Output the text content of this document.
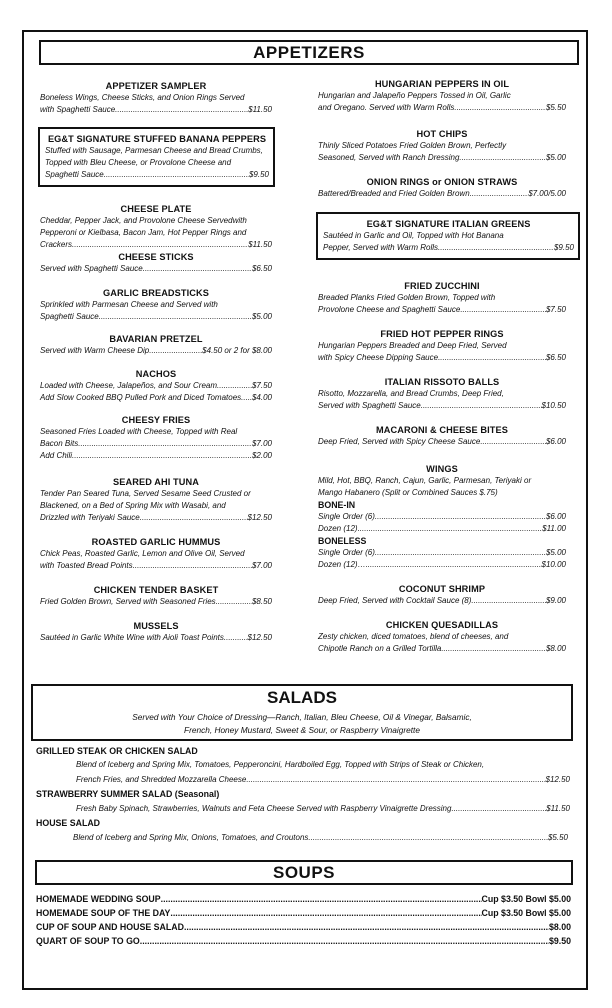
APPETIZERS
APPETIZER SAMPLER
Boneless Wings, Cheese Sticks, and Onion Rings Served
with Spaghetti Sauce .....	$11.50
EG&T SIGNATURE STUFFED BANANA PEPPERS
Stuffed with Sausage, Parmesan Cheese and Bread Crumbs,
Topped with Bleu Cheese, or Provolone Cheese and
Spaghetti Sauce .....	$9.50
CHEESE PLATE
Cheddar, Pepper Jack, and Provolone Cheese Servedwith
Pepperoni or Kielbasa, Bacon Jam, Hot Pepper Rings and
Crackers .....	$11.50
CHEESE STICKS
Served with Spaghetti Sauce .....	$6.50
GARLIC BREADSTICKS
Sprinkled with Parmesan Cheese and Served with
Spaghetti Sauce .....	$5.00
BAVARIAN PRETZEL
Served with Warm Cheese Dip .....	$4.50 or 2 for $8.00
NACHOS
Loaded with Cheese, Jalapeños, and Sour Cream .....	$7.50
Add Slow Cooked BBQ Pulled Pork and Diced Tomatoes ..... $4.00
CHEESY FRIES
Seasoned Fries Loaded with Cheese, Topped with Real
Bacon Bits .....	$7.00
Add Chili .....	$2.00
SEARED AHI TUNA
Tender Pan Seared Tuna, Served Sesame Seed Crusted or
Blackened, on a Bed of Spring Mix with Wasabi, and
Drizzled with Teriyaki Sauce .....	$12.50
ROASTED GARLIC HUMMUS
Chick Peas, Roasted Garlic, Lemon and Olive Oil, Served
with Toasted Bread Points .....	$7.00
CHICKEN TENDER BASKET
Fried Golden Brown, Served with Seasoned Fries .....	$8.50
MUSSELS
Sautéed in Garlic White Wine with Aioli Toast Points .....	$12.50
HUNGARIAN PEPPERS IN OIL
Hungarian and Jalapeño Peppers Tossed in Oil, Garlic
and Oregano. Served with Warm Rolls .....	$5.50
HOT CHIPS
Thinly Sliced Potatoes Fried Golden Brown, Perfectly
Seasoned, Served with Ranch Dressing .....	$5.00
ONION RINGS or ONION STRAWS
Battered/Breaded and Fried Golden Brown .....	$7.00/5.00
EG&T SIGNATURE ITALIAN GREENS
Sautéed in Garlic and Oil, Topped with Hot Banana
Pepper, Served with Warm Rolls .....	$9.50
FRIED ZUCCHINI
Breaded Planks Fried Golden Brown, Topped with
Provolone Cheese and Spaghetti Sauce .....	$7.50
FRIED HOT PEPPER RINGS
Hungarian Peppers Breaded and Deep Fried, Served
with Spicy Cheese Dipping Sauce .....	$6.50
ITALIAN RISSOTO BALLS
Risotto, Mozzarella, and Bread Crumbs, Deep Fried,
Served with Spaghetti Sauce .....	$10.50
MACARONI & CHEESE BITES
Deep Fried, Served with Spicy Cheese Sauce .....	$6.00
WINGS
Mild, Hot, BBQ, Ranch, Cajun, Garlic, Parmesan, Teriyaki or
Mango Habanero (Split or Combined Sauces $.75)
BONE-IN
Single Order (6) .....	$6.00
Dozen (12) .....	$11.00
BONELESS
Single Order (6) .....	$5.00
Dozen (12)… .....	$10.00
COCONUT SHRIMP
Deep Fried, Served with Cocktail Sauce (8) .....	$9.00
CHICKEN QUESADILLAS
Zesty chicken, diced tomatoes, blend of cheeses, and
Chipotle Ranch on a Grilled Tortilla .....	$8.00
SALADS
Served with Your Choice of Dressing—Ranch, Italian, Bleu Cheese, Oil & Vinegar, Balsamic,
French, Honey Mustard, Sweet & Sour, or Raspberry Vinaigrette
GRILLED STEAK OR CHICKEN SALAD
Blend of Iceberg and Spring Mix, Tomatoes, Pepperoncini, Hardboiled Egg, Topped with Strips of Steak or Chicken,
French Fries, and Shredded Mozzarella Cheese .....	$12.50
STRAWBERRY SUMMER SALAD (Seasonal)
Fresh Baby Spinach, Strawberries, Walnuts and Feta Cheese Served with Raspberry Vinaigrette Dressing .....	$11.50
HOUSE SALAD
Blend of Iceberg and Spring Mix, Onions, Tomatoes, and Croutons .....	$5.50
SOUPS
HOMEMADE WEDDING SOUP .....	Cup $3.50 Bowl $5.00
HOMEMADE SOUP OF THE DAY .....	Cup $3.50 Bowl $5.00
CUP OF SOUP AND HOUSE SALAD .....	$8.00
QUART OF SOUP TO GO .....	$9.50
